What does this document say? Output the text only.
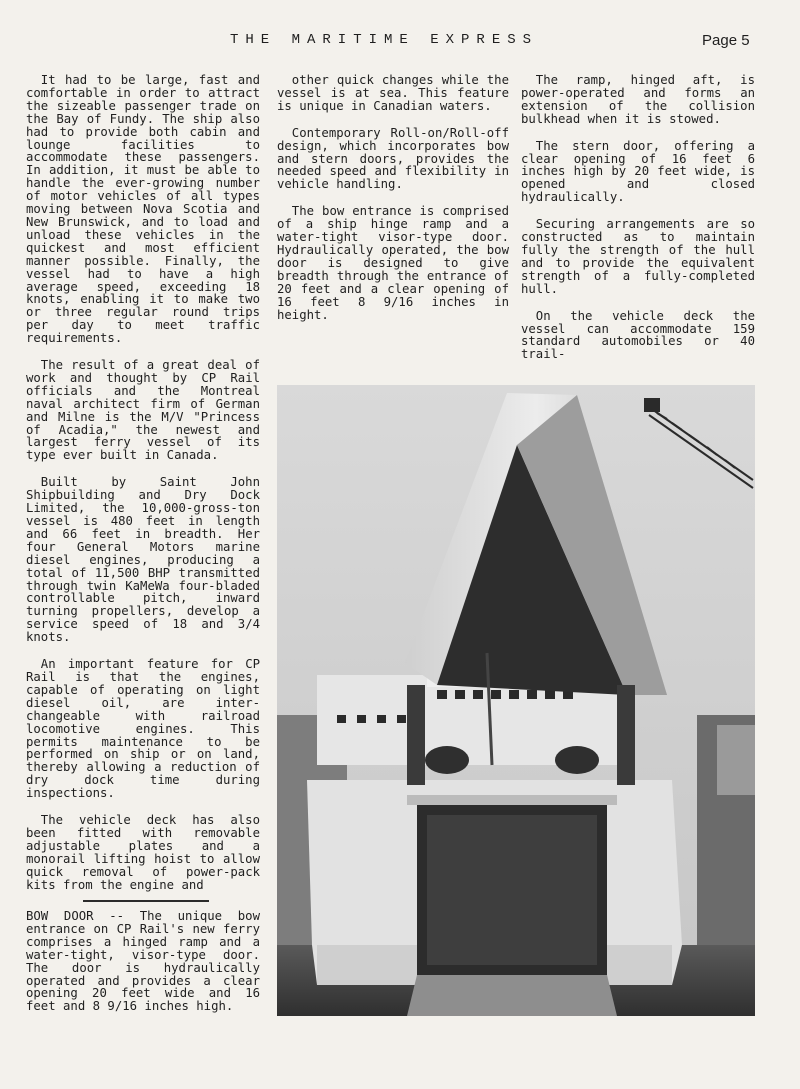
THE MARITIME EXPRESS	Page 5

It had to be large, fast and comfortable in order to attract the sizeable passenger trade on the Bay of Fundy. The ship also had to provide both cabin and lounge facilities to accommodate these passengers. In addition, it must be able to handle the ever-growing number of motor vehicles of all types moving between Nova Scotia and New Brunswick, and to load and unload these vehicles in the quickest and most efficient manner possible. Finally, the vessel had to have a high average speed, exceeding 18 knots, enabling it to make two or three regular round trips per day to meet traffic requirements.

The result of a great deal of work and thought by CP Rail officials and the Montreal naval architect firm of German and Milne is the M/V "Princess of Acadia," the newest and largest ferry vessel of its type ever built in Canada.

Built by Saint John Shipbuilding and Dry Dock Limited, the 10,000-gross-ton vessel is 480 feet in length and 66 feet in breadth. Her four General Motors marine diesel engines, producing a total of 11,500 BHP transmitted through twin KaMeWa four-bladed controllable pitch, inward turning propellers, develop a service speed of 18 and 3/4 knots.

An important feature for CP Rail is that the engines, capable of operating on light diesel oil, are inter-changeable with railroad locomotive engines. This permits maintenance to be performed on ship or on land, thereby allowing a reduction of dry dock time during inspections.

The vehicle deck has also been fitted with removable adjustable plates and a monorail lifting hoist to allow quick removal of power-pack kits from the engine and

other quick changes while the vessel is at sea. This feature is unique in Canadian waters.

Contemporary Roll-on/Roll-off design, which incorporates bow and stern doors, provides the needed speed and flexibility in vehicle handling.

The bow entrance is comprised of a ship hinge ramp and a water-tight visor-type door. Hydraulically operated, the bow door is designed to give breadth through the entrance of 20 feet and a clear opening of 16 feet 8 9/16 inches in height.

The ramp, hinged aft, is power-operated and forms an extension of the collision bulkhead when it is stowed.

The stern door, offering a clear opening of 16 feet 6 inches high by 20 feet wide, is opened and closed hydraulically.

Securing arrangements are so constructed as to maintain fully the strength of the hull and to provide the equivalent strength of a fully-completed hull.

On the vehicle deck the vessel can accommodate 159 standard automobiles or 40 trail-

BOW DOOR -- The unique bow entrance on CP Rail's new ferry comprises a hinged ramp and a water-tight, visor-type door. The door is hydraulically operated and provides a clear opening 20 feet wide and 16 feet and 8 9/16 inches high.
